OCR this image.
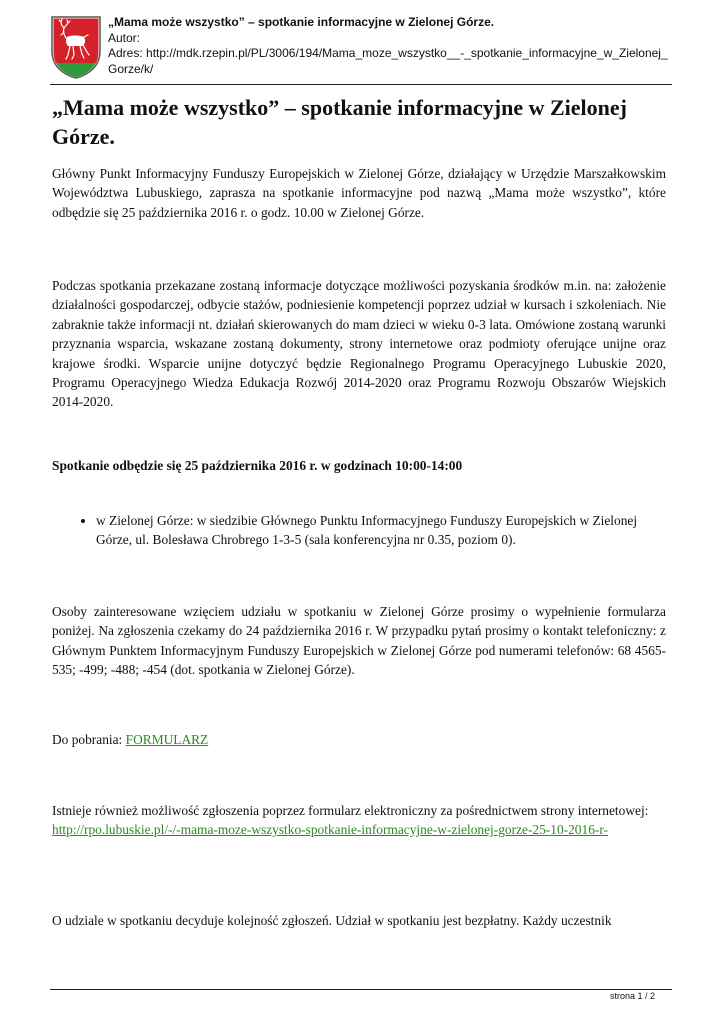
„Mama może wszystko” – spotkanie informacyjne w Zielonej Górze.
Autor:
Adres: http://mdk.rzepin.pl/PL/3006/194/Mama_moze_wszystko__-_spotkanie_informacyjne_w_Zielonej_Gorze/k/
„Mama może wszystko” – spotkanie informacyjne w Zielonej Górze.

Główny Punkt Informacyjny Funduszy Europejskich w Zielonej Górze, działający w Urzędzie Marszałkowskim Województwa Lubuskiego, zaprasza na spotkanie informacyjne pod nazwą „Mama może wszystko”, które odbędzie się 25 października 2016 r. o godz. 10.00 w Zielonej Górze.

Podczas spotkania przekazane zostaną informacje dotyczące możliwości pozyskania środków m.in. na: założenie działalności gospodarczej, odbycie stażów, podniesienie kompetencji poprzez udział w kursach i szkoleniach. Nie zabraknie także informacji nt. działań skierowanych do mam dzieci w wieku 0-3 lata. Omówione zostaną warunki przyznania wsparcia, wskazane zostaną dokumenty, strony internetowe oraz podmioty oferujące unijne oraz krajowe środki. Wsparcie unijne dotyczyć będzie Regionalnego Programu Operacyjnego Lubuskie 2020, Programu Operacyjnego Wiedza Edukacja Rozwój 2014-2020 oraz Programu Rozwoju Obszarów Wiejskich 2014-2020.

Spotkanie odbędzie się 25 października 2016 r. w godzinach 10:00-14:00

• w Zielonej Górze: w siedzibie Głównego Punktu Informacyjnego Funduszy Europejskich w Zielonej Górze, ul. Bolesława Chrobrego 1-3-5 (sala konferencyjna nr 0.35, poziom 0).

Osoby zainteresowane wzięciem udziału w spotkaniu w Zielonej Górze prosimy o wypełnienie formularza poniżej. Na zgłoszenia czekamy do 24 października 2016 r. W przypadku pytań prosimy o kontakt telefoniczny: z Głównym Punktem Informacyjnym Funduszy Europejskich w Zielonej Górze pod numerami telefonów: 68 4565-535; -499; -488; -454 (dot. spotkania w Zielonej Górze).

Do pobrania: FORMULARZ

Istnieje również możliwość zgłoszenia poprzez formularz elektroniczny za pośrednictwem strony internetowej:
http://rpo.lubuskie.pl/-/-mama-moze-wszystko-spotkanie-informacyjne-w-zielonej-gorze-25-10-2016-r-

O udziale w spotkaniu decyduje kolejność zgłoszeń. Udział w spotkaniu jest bezpłatny. Każdy uczestnik

strona 1 / 2
